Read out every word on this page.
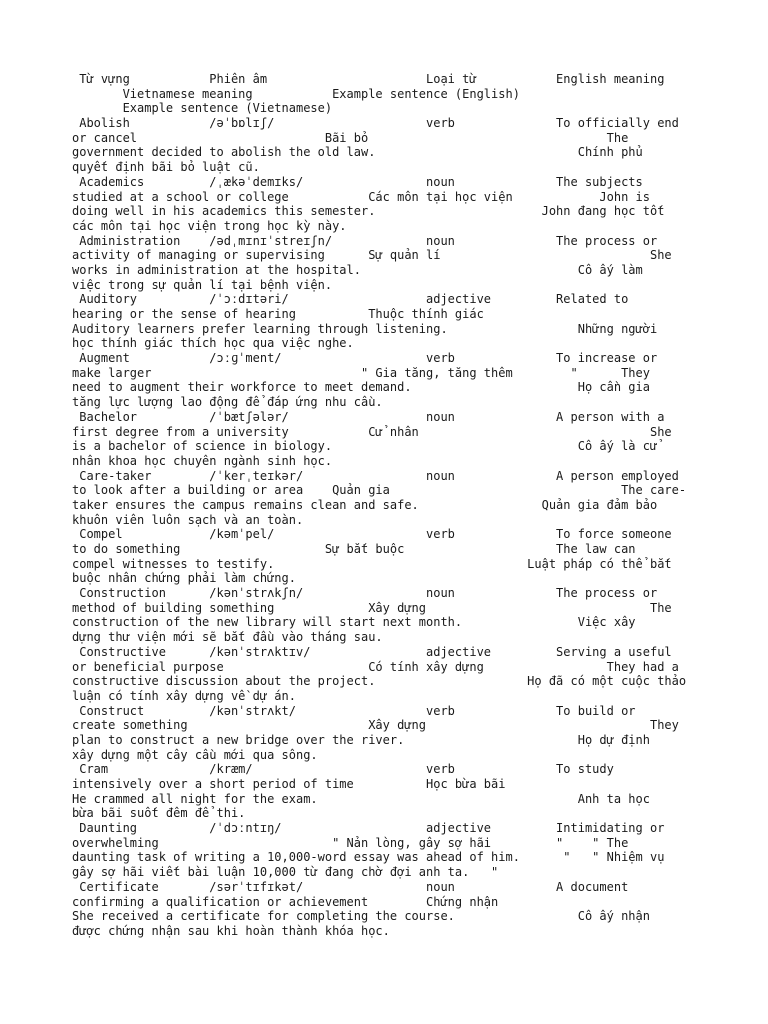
Từ vựng           Phiên âm                      Loại từ           English meaning
Vietnamese meaning           Example sentence (English)
Example sentence (Vietnamese)
Abolish           /əˈbɒlɪʃ/                     verb              To officially end
or cancel                          Bãi bỏ                                 The
government decided to abolish the old law.                            Chính phủ
quyết định bãi bỏ luật cũ.
Academics         /ˌækəˈdemɪks/                 noun              The subjects
studied at a school or college           Các môn tại học viện            John is
doing well in his academics this semester.                       John đang học tốt
các môn tại học viện trong học kỳ này.
Administration    /ədˌmɪnɪˈstreɪʃn/             noun              The process or
activity of managing or supervising      Sự quản lí                             She
works in administration at the hospital.                              Cô ấy làm
việc trong sự quản lí tại bệnh viện.
Auditory          /ˈɔːdɪtəri/                   adjective         Related to
hearing or the sense of hearing          Thuộc thính giác
Auditory learners prefer learning through listening.                  Những người
học thính giác thích học qua việc nghe.
Augment           /ɔːɡˈment/                    verb              To increase or
make larger                             " Gia tăng, tăng thêm        "      They
need to augment their workforce to meet demand.                       Họ cần gia
tăng lực lượng lao động để đáp ứng nhu cầu.
Bachelor          /ˈbætʃələr/                   noun              A person with a
first degree from a university           Cử nhân                                She
is a bachelor of science in biology.                                  Cô ấy là cử
nhân khoa học chuyên ngành sinh học.
Care-taker        /ˈkerˌteɪkər/                 noun              A person employed
to look after a building or area    Quản gia                                The care-
taker ensures the campus remains clean and safe.                 Quản gia đảm bảo
khuôn viên luôn sạch và an toàn.
Compel            /kəmˈpel/                     verb              To force someone
to do something                    Sự bắt buộc                     The law can
compel witnesses to testify.                                   Luật pháp có thể bắt
buộc nhân chứng phải làm chứng.
Construction      /kənˈstrʌkʃn/                 noun              The process or
method of building something             Xây dựng                               The
construction of the new library will start next month.                Việc xây
dựng thư viện mới sẽ bắt đầu vào tháng sau.
Constructive      /kənˈstrʌktɪv/                adjective         Serving a useful
or beneficial purpose                    Có tính xây dựng                 They had a
constructive discussion about the project.                     Họ đã có một cuộc thảo
luận có tính xây dựng về dự án.
Construct         /kənˈstrʌkt/                  verb              To build or
create something                         Xây dựng                               They
plan to construct a new bridge over the river.                        Họ dự định
xây dựng một cây cầu mới qua sông.
Cram              /kræm/                        verb              To study
intensively over a short period of time          Học bừa bãi
He crammed all night for the exam.                                    Anh ta học
bừa bãi suốt đêm để thi.
Daunting          /ˈdɔːntɪŋ/                    adjective         Intimidating or
overwhelming                        " Nản lòng, gây sợ hãi         "    " The
daunting task of writing a 10,000-word essay was ahead of him.      "   " Nhiệm vụ
gây sợ hãi viết bài luận 10,000 từ đang chờ đợi anh ta.   "
Certificate       /sərˈtɪfɪkət/                 noun              A document
confirming a qualification or achievement        Chứng nhận
She received a certificate for completing the course.                 Cô ấy nhận
được chứng nhận sau khi hoàn thành khóa học.
